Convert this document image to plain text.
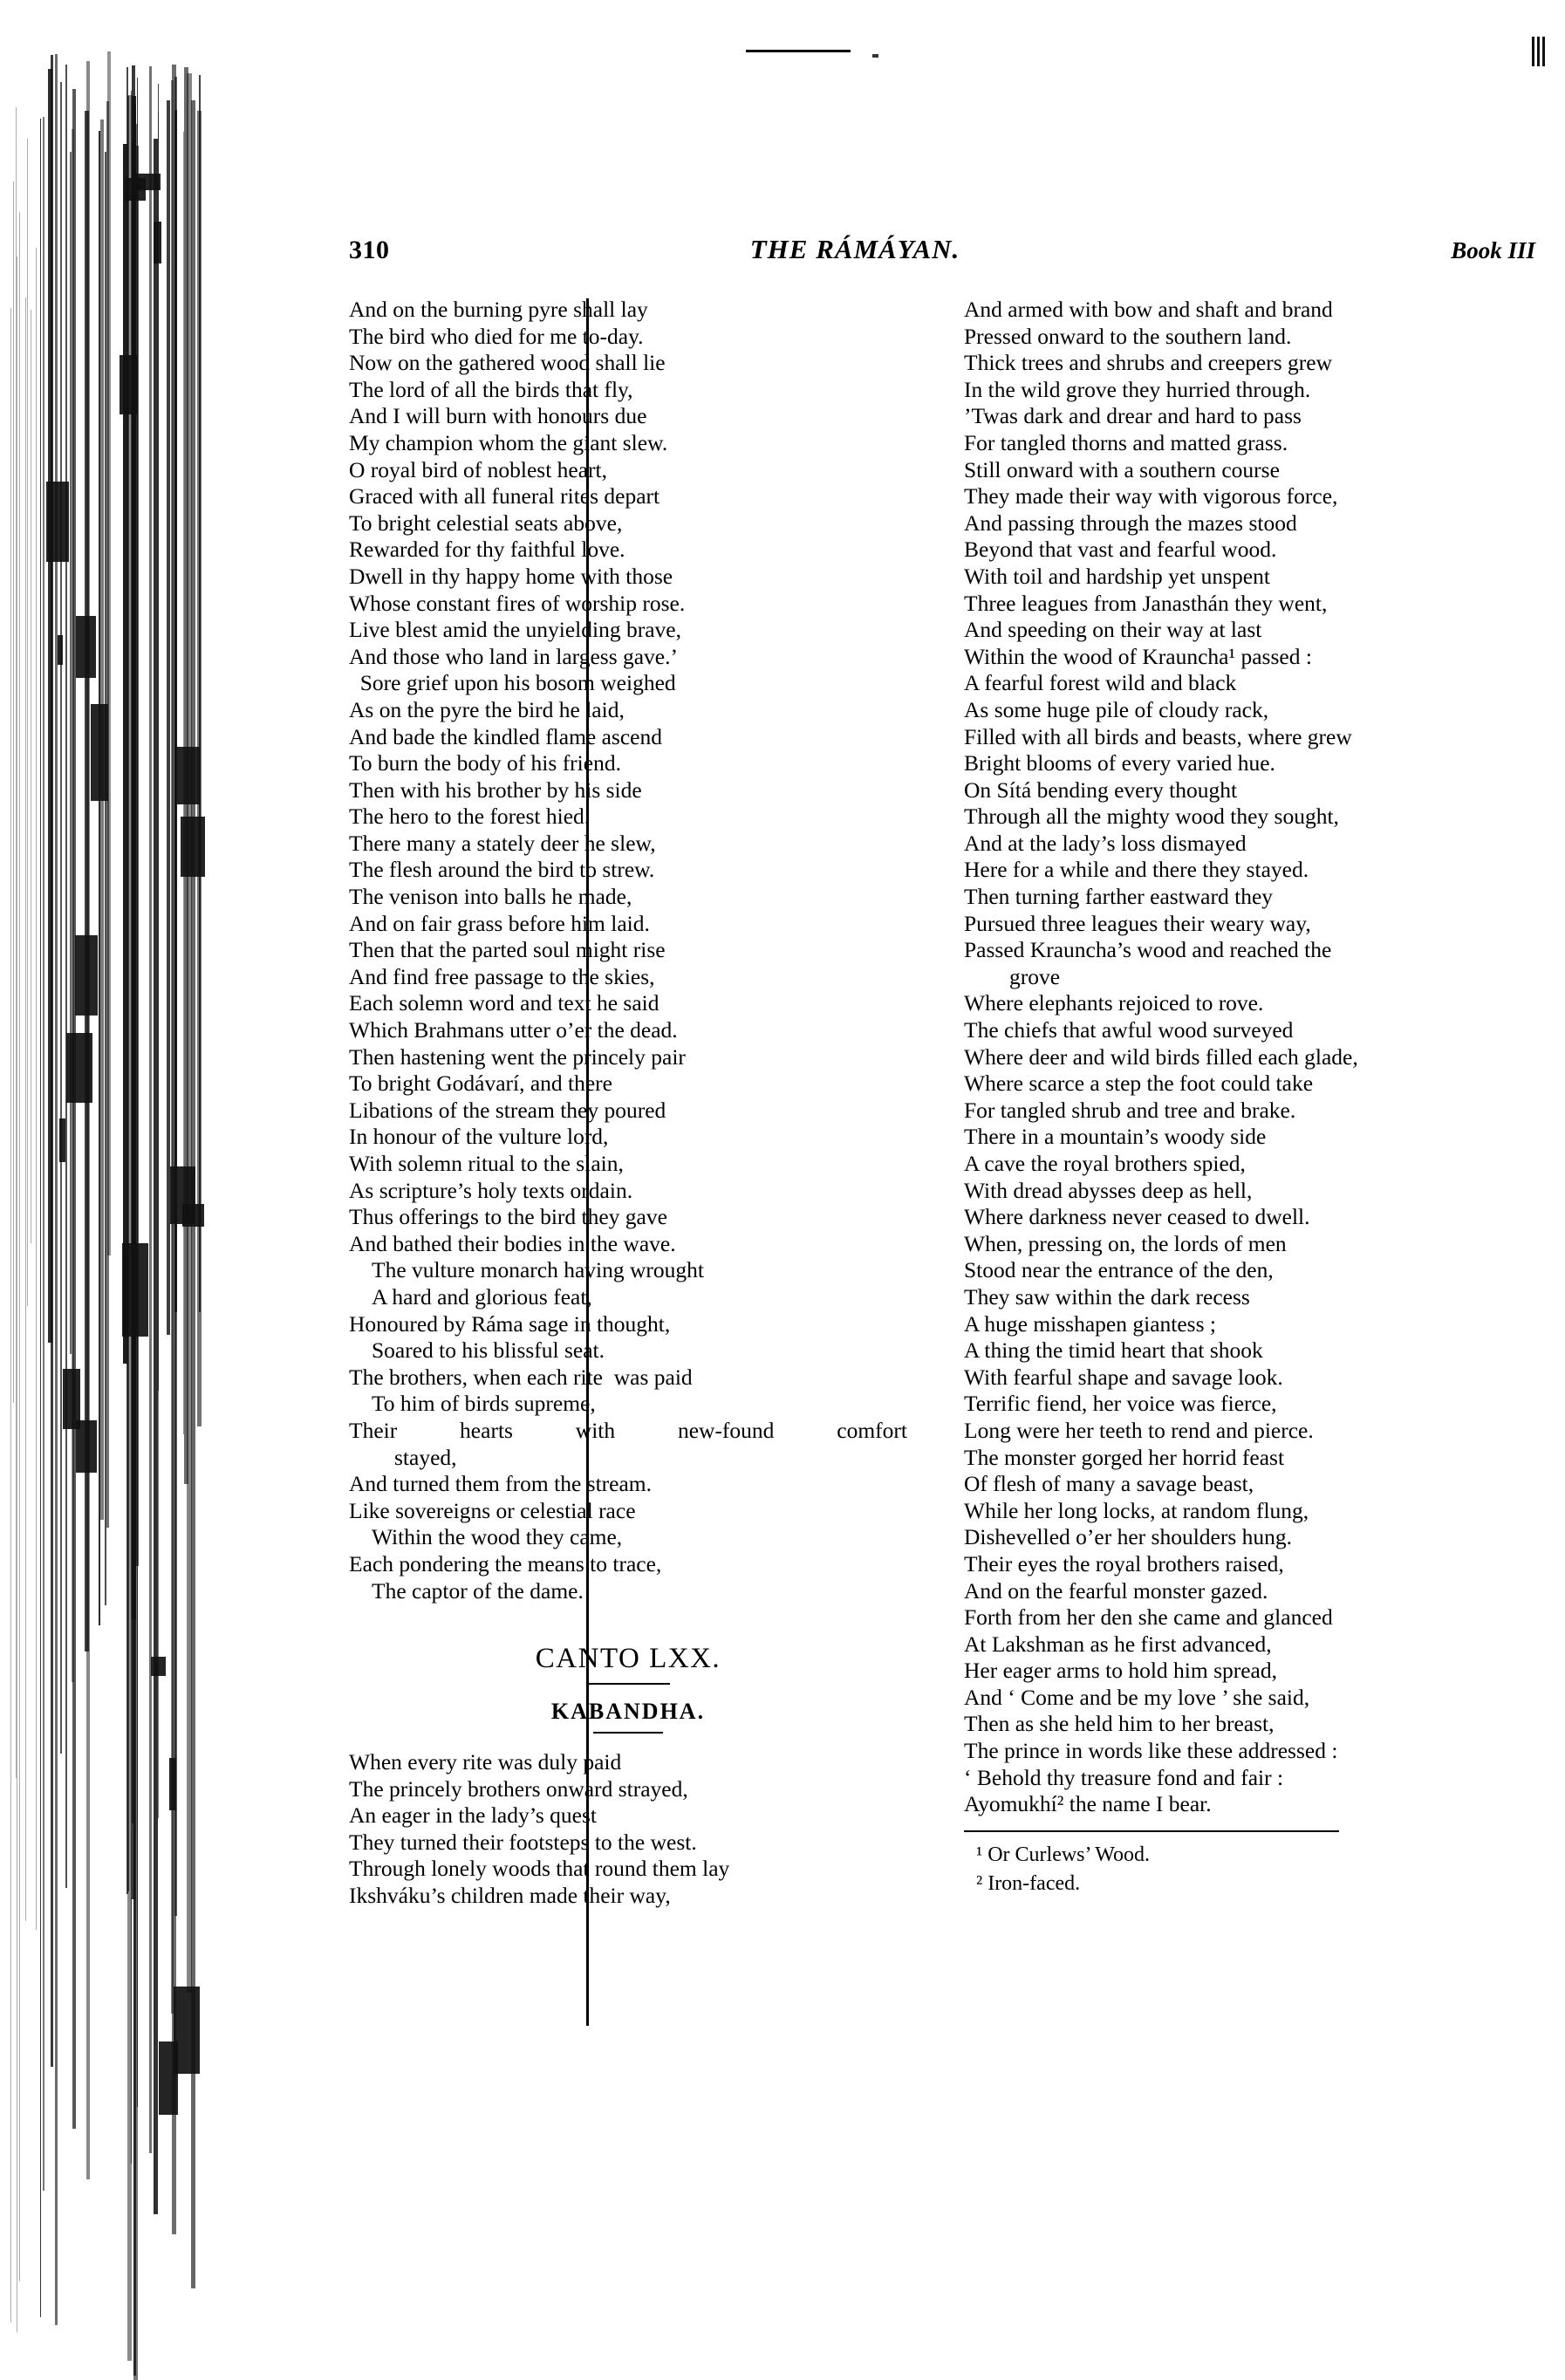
310	THE RÁMÁYAN.	Book III
And on the burning pyre shall lay
The bird who died for me to-day.
Now on the gathered wood shall lie
The lord of all the birds that fly,
And I will burn with honours due
My champion whom the giant slew.
O royal bird of noblest heart,
Graced with all funeral rites depart
To bright celestial seats above,
Rewarded for thy faithful love.
Dwell in thy happy home with those
Whose constant fires of worship rose.
Live blest amid the unyielding brave,
And those who land in largess gave.’
Sore grief upon his bosom weighed
As on the pyre the bird he laid,
And bade the kindled flame ascend
To burn the body of his friend.
Then with his brother by his side
The hero to the forest hied.
There many a stately deer he slew,
The flesh around the bird to strew.
The venison into balls he made,
And on fair grass before him laid.
Then that the parted soul might rise
And find free passage to the skies,
Each solemn word and text he said
Which Brahmans utter o’er the dead.
Then hastening went the princely pair
To bright Godávarí, and there
Libations of the stream they poured
In honour of the vulture lord,
With solemn ritual to the slain,
As scripture’s holy texts ordain.
Thus offerings to the bird they gave
And bathed their bodies in the wave.
The vulture monarch having wrought
A hard and glorious feat,
Honoured by Ráma sage in thought,
Soared to his blissful seat.
The brothers, when each rite  was paid
To him of birds supreme,
Their  hearts  with  new-found  comfort
stayed,
And turned them from the stream.
Like sovereigns or celestial race
Within the wood they came,
Each pondering the means to trace,
The captor of the dame.
CANTO LXX.
KABANDHA.
When every rite was duly paid
The princely brothers onward strayed,
An eager in the lady’s quest
They turned their footsteps to the west.
Through lonely woods that round them lay
Ikshváku’s children made their way,
And armed with bow and shaft and brand
Pressed onward to the southern land.
Thick trees and shrubs and creepers grew
In the wild grove they hurried through.
’Twas dark and drear and hard to pass
For tangled thorns and matted grass.
Still onward with a southern course
They made their way with vigorous force,
And passing through the mazes stood
Beyond that vast and fearful wood.
With toil and hardship yet unspent
Three leagues from Janasthán they went,
And speeding on their way at last
Within the wood of Krauncha¹ passed :
A fearful forest wild and black
As some huge pile of cloudy rack,
Filled with all birds and beasts, where grew
Bright blooms of every varied hue.
On Sítá bending every thought
Through all the mighty wood they sought,
And at the lady’s loss dismayed
Here for a while and there they stayed.
Then turning farther eastward they
Pursued three leagues their weary way,
Passed Krauncha’s wood and reached the
grove
Where elephants rejoiced to rove.
The chiefs that awful wood surveyed
Where deer and wild birds filled each glade,
Where scarce a step the foot could take
For tangled shrub and tree and brake.
There in a mountain’s woody side
A cave the royal brothers spied,
With dread abysses deep as hell,
Where darkness never ceased to dwell.
When, pressing on, the lords of men
Stood near the entrance of the den,
They saw within the dark recess
A huge misshapen giantess ;
A thing the timid heart that shook
With fearful shape and savage look.
Terrific fiend, her voice was fierce,
Long were her teeth to rend and pierce.
The monster gorged her horrid feast
Of flesh of many a savage beast,
While her long locks, at random flung,
Dishevelled o’er her shoulders hung.
Their eyes the royal brothers raised,
And on the fearful monster gazed.
Forth from her den she came and glanced
At Lakshman as he first advanced,
Her eager arms to hold him spread,
And ‘ Come and be my love ’ she said,
Then as she held him to her breast,
The prince in words like these addressed :
‘ Behold thy treasure fond and fair :
Ayomukhí² the name I bear.
¹ Or Curlews’ Wood.
² Iron-faced.
